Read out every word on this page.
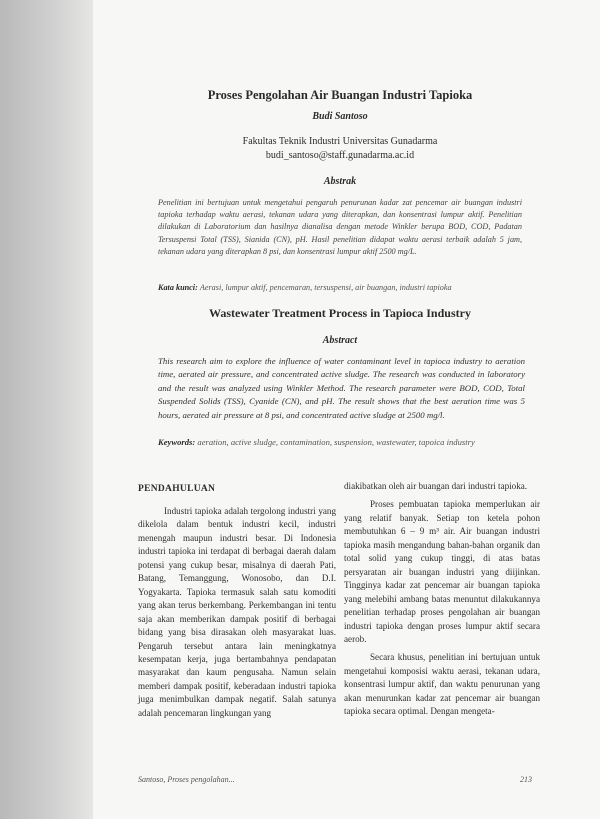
Proses Pengolahan Air Buangan Industri Tapioka
Budi Santoso
Fakultas Teknik Industri Universitas Gunadarma
budi_santoso@staff.gunadarma.ac.id
Abstrak
Penelitian ini bertujuan untuk mengetahui pengaruh penurunan kadar zat pencemar air buangan industri tapioka terhadap waktu aerasi, tekanan udara yang diterapkan, dan konsentrasi lumpur aktif. Penelitian dilakukan di Laboratorium dan hasilnya dianalisa dengan metode Winkler berupa BOD, COD, Padatan Tersuspensi Total (TSS), Sianida (CN), pH. Hasil penelitian didapat waktu aerasi terbaik adalah 5 jam, tekanan udara yang diterapkan 8 psi, dan konsentrasi lumpur aktif 2500 mg/L.
Kata kunci: Aerasi, lumpur aktif, pencemaran, tersuspensi, air buangan, industri tapioka
Wastewater Treatment Process in Tapioca Industry
Abstract
This research aim to explore the influence of water contaminant level in tapioca industry to aeration time, aerated air pressure, and concentrated active sludge. The research was conducted in laboratory and the result was analyzed using Winkler Method. The research parameter were BOD, COD, Total Suspended Solids (TSS), Cyanide (CN), and pH. The result shows that the best aeration time was 5 hours, aerated air pressure at 8 psi, and concentrated active sludge at 2500 mg/l.
Keywords: aeration, active sludge, contamination, suspension, wastewater, tapoica industry
PENDAHULUAN

Industri tapioka adalah tergolong industri yang dikelola dalam bentuk industri kecil, industri menengah maupun industri besar. Di Indonesia industri tapioka ini terdapat di berbagai daerah dalam potensi yang cukup besar, misalnya di daerah Pati, Batang, Temanggung, Wonosobo, dan D.I. Yogyakarta. Tapioka termasuk salah satu komoditi yang akan terus berkembang. Perkembangan ini tentu saja akan memberikan dampak positif di berbagai bidang yang bisa dirasakan oleh masyarakat luas. Pengaruh tersebut antara lain meningkatnya kesempatan kerja, juga bertambahnya pendapatan masyarakat dan kaum pengusaha. Namun selain memberi dampak positif, keberadaan industri tapioka juga menimbulkan dampak negatif. Salah satunya adalah pencemaran lingkungan yang

diakibatkan oleh air buangan dari industri tapioka.

Proses pembuatan tapioka memperlukan air yang relatif banyak. Setiap ton ketela pohon membutuhkan 6 – 9 m³ air. Air buangan industri tapioka masih mengandung bahan-bahan organik dan total solid yang cukup tinggi, di atas batas persyaratan air buangan industri yang diijinkan. Tingginya kadar zat pencemar air buangan tapioka yang melebihi ambang batas menuntut dilakukannya penelitian terhadap proses pengolahan air buangan industri tapioka dengan proses lumpur aktif secara aerob.

Secara khusus, penelitian ini bertujuan untuk mengetahui komposisi waktu aerasi, tekanan udara, konsentrasi lumpur aktif, dan waktu penurunan yang akan menurunkan kadar zat pencemar air buangan tapioka secara optimal. Dengan mengeta-

Santoso, Proses pengolahan...	213
